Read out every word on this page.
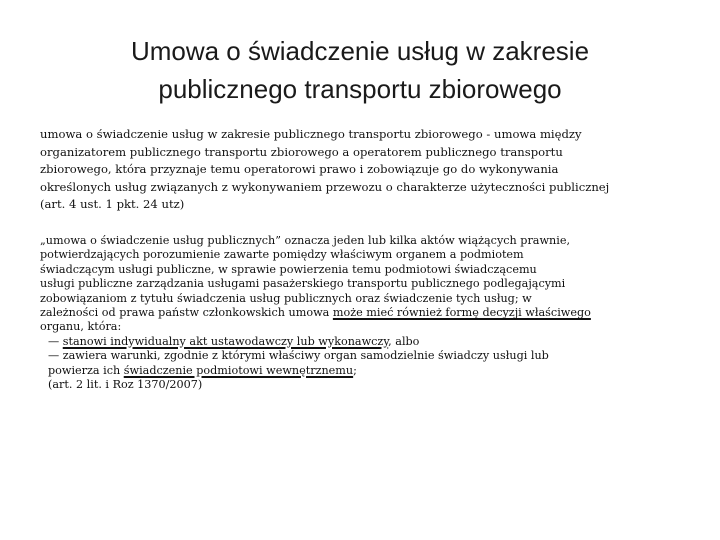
Umowa o świadczenie usług w zakresie
publicznego transportu zbiorowego
umowa o świadczenie usług w zakresie publicznego transportu zbiorowego - umowa między
organizatorem publicznego transportu zbiorowego a operatorem publicznego transportu
zbiorowego, która przyznaje temu operatorowi prawo i zobowiązuje go do wykonywania
określonych usług związanych z wykonywaniem przewozu o charakterze użyteczności publicznej
(art. 4 ust. 1 pkt. 24 utz)
„umowa o świadczenie usług publicznych” oznacza jeden lub kilka aktów wiążących prawnie,
potwierdzających porozumienie zawarte pomiędzy właściwym organem a podmiotem
świadczącym usługi publiczne, w sprawie powierzenia temu podmiotowi świadczącemu
usługi publiczne zarządzania usługami pasażerskiego transportu publicznego podlegającymi
zobowiązaniom z tytułu świadczenia usług publicznych oraz świadczenie tych usług; w
zależności od prawa państw członkowskich umowa może mieć również formę decyzji właściwego
organu, która:
— stanowi indywidualny akt ustawodawczy lub wykonawczy, albo
— zawiera warunki, zgodnie z którymi właściwy organ samodzielnie świadczy usługi lub
powierza ich świadczenie podmiotowi wewnętrznemu;
(art. 2 lit. i Roz 1370/2007)
